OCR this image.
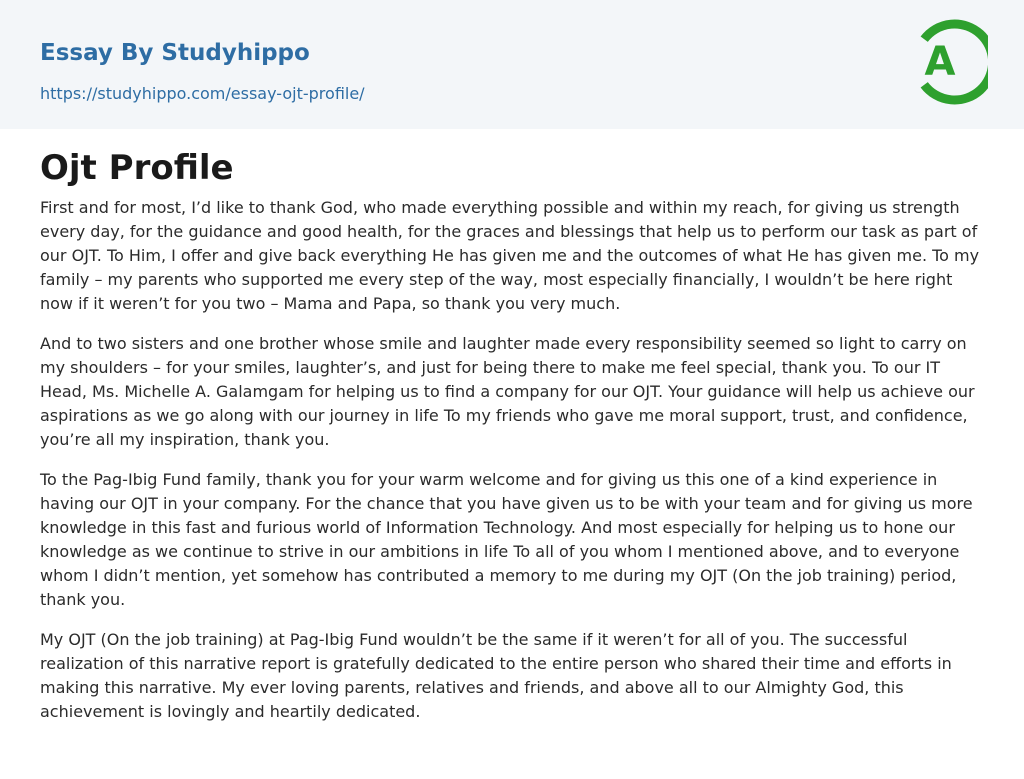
Essay By Studyhippo
https://studyhippo.com/essay-ojt-profile/
A
Ojt Profile

First and for most, I’d like to thank God, who made everything possible and within my reach, for giving us strength every day, for the guidance and good health, for the graces and blessings that help us to perform our task as part of our OJT. To Him, I offer and give back everything He has given me and the outcomes of what He has given me. To my family – my parents who supported me every step of the way, most especially financially, I wouldn’t be here right now if it weren’t for you two – Mama and Papa, so thank you very much.

And to two sisters and one brother whose smile and laughter made every responsibility seemed so light to carry on my shoulders – for your smiles, laughter’s, and just for being there to make me feel special, thank you. To our IT Head, Ms. Michelle A. Galamgam for helping us to find a company for our OJT. Your guidance will help us achieve our aspirations as we go along with our journey in life To my friends who gave me moral support, trust, and confidence, you’re all my inspiration, thank you.

To the Pag-Ibig Fund family, thank you for your warm welcome and for giving us this one of a kind experience in having our OJT in your company. For the chance that you have given us to be with your team and for giving us more knowledge in this fast and furious world of Information Technology. And most especially for helping us to hone our knowledge as we continue to strive in our ambitions in life To all of you whom I mentioned above, and to everyone whom I didn’t mention, yet somehow has contributed a memory to me during my OJT (On the job training) period, thank you.

My OJT (On the job training) at Pag-Ibig Fund wouldn’t be the same if it weren’t for all of you. The successful realization of this narrative report is gratefully dedicated to the entire person who shared their time and efforts in making this narrative. My ever loving parents, relatives and friends, and above all to our Almighty God, this achievement is lovingly and heartily dedicated.
